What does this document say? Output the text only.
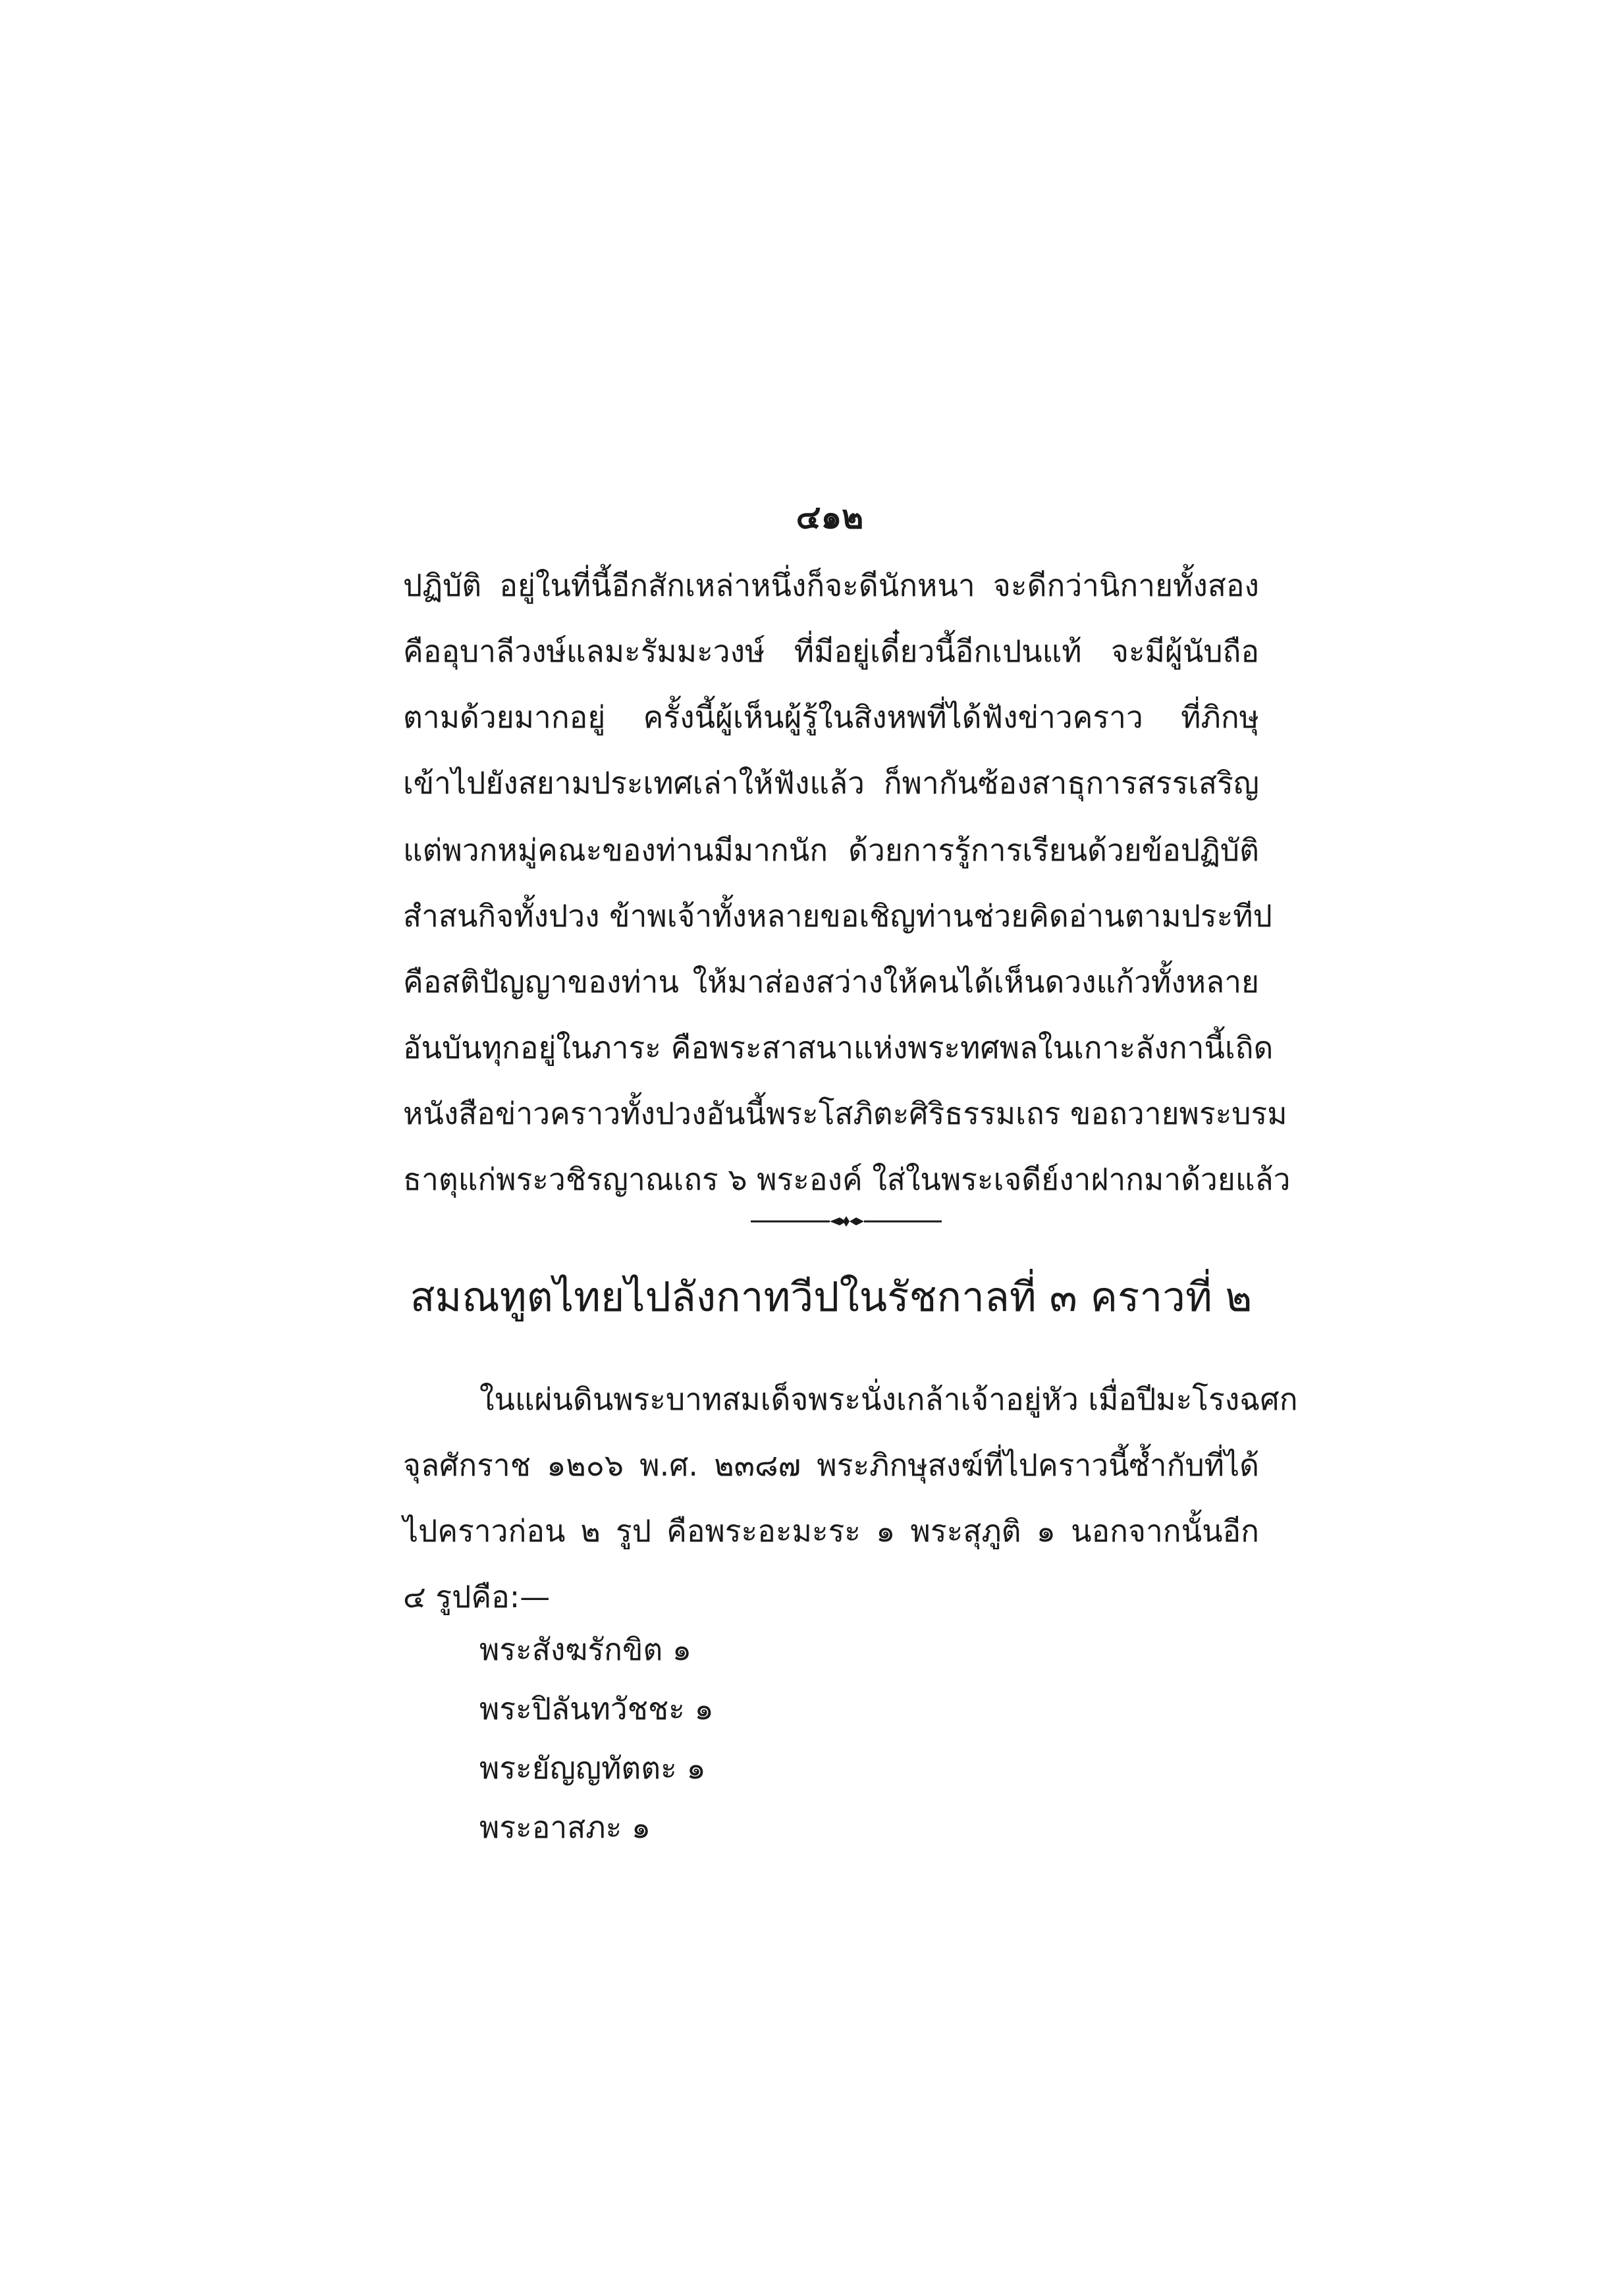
๔๑๒
ปฏิบัติ อยู่ในที่นี้อีกสักเหล่าหนึ่งก็จะดีนักหนา จะดีกว่านิกายทั้งสอง
คืออุบาลีวงษ์แลมะรัมมะวงษ์ ที่มีอยู่เดี๋ยวนี้อีกเปนแท้ จะมีผู้นับถือ
ตามด้วยมากอยู่ ครั้งนี้ผู้เห็นผู้รู้ในสิงหพที่ได้ฟังข่าวคราว ที่ภิกษุ
เข้าไปยังสยามประเทศเล่าให้ฟังแล้ว ก็พากันซ้องสาธุการสรรเสริญ
แต่พวกหมู่คณะของท่านมีมากนัก ด้วยการรู้การเรียนด้วยข้อปฏิบัติ
สำสนกิจทั้งปวง ข้าพเจ้าทั้งหลายขอเชิญท่านช่วยคิดอ่านตามประทีป
คือสติปัญญาของท่าน ให้มาส่องสว่างให้คนได้เห็นดวงแก้วทั้งหลาย
อันบันทุกอยู่ในภาระ คือพระสาสนาแห่งพระทศพลในเกาะลังกานี้เถิด
หนังสือข่าวคราวทั้งปวงอันนี้พระโสภิตะศิริธรรมเถร ขอถวายพระบรม
ธาตุแก่พระวชิรญาณเถร ๖ พระองค์ ใส่ในพระเจดีย์งาฝากมาด้วยแล้ว
สมณทูตไทยไปลังกาทวีปในรัชกาลที่ ๓ คราวที่ ๒
ในแผ่นดินพระบาทสมเด็จพระนั่งเกล้าเจ้าอยู่หัว เมื่อปีมะโรงฉศก
จุลศักราช ๑๒๐๖ พ.ศ. ๒๓๘๗ พระภิกษุสงฆ์ที่ไปคราวนี้ซ้ำกับที่ได้
ไปคราวก่อน ๒ รูป คือพระอะมะระ ๑ พระสุภูติ ๑ นอกจากนั้นอีก
๔ รูปคือ:—
พระสังฆรักขิต ๑
พระปิลันทวัชชะ ๑
พระยัญญทัตตะ ๑
พระอาสภะ ๑
